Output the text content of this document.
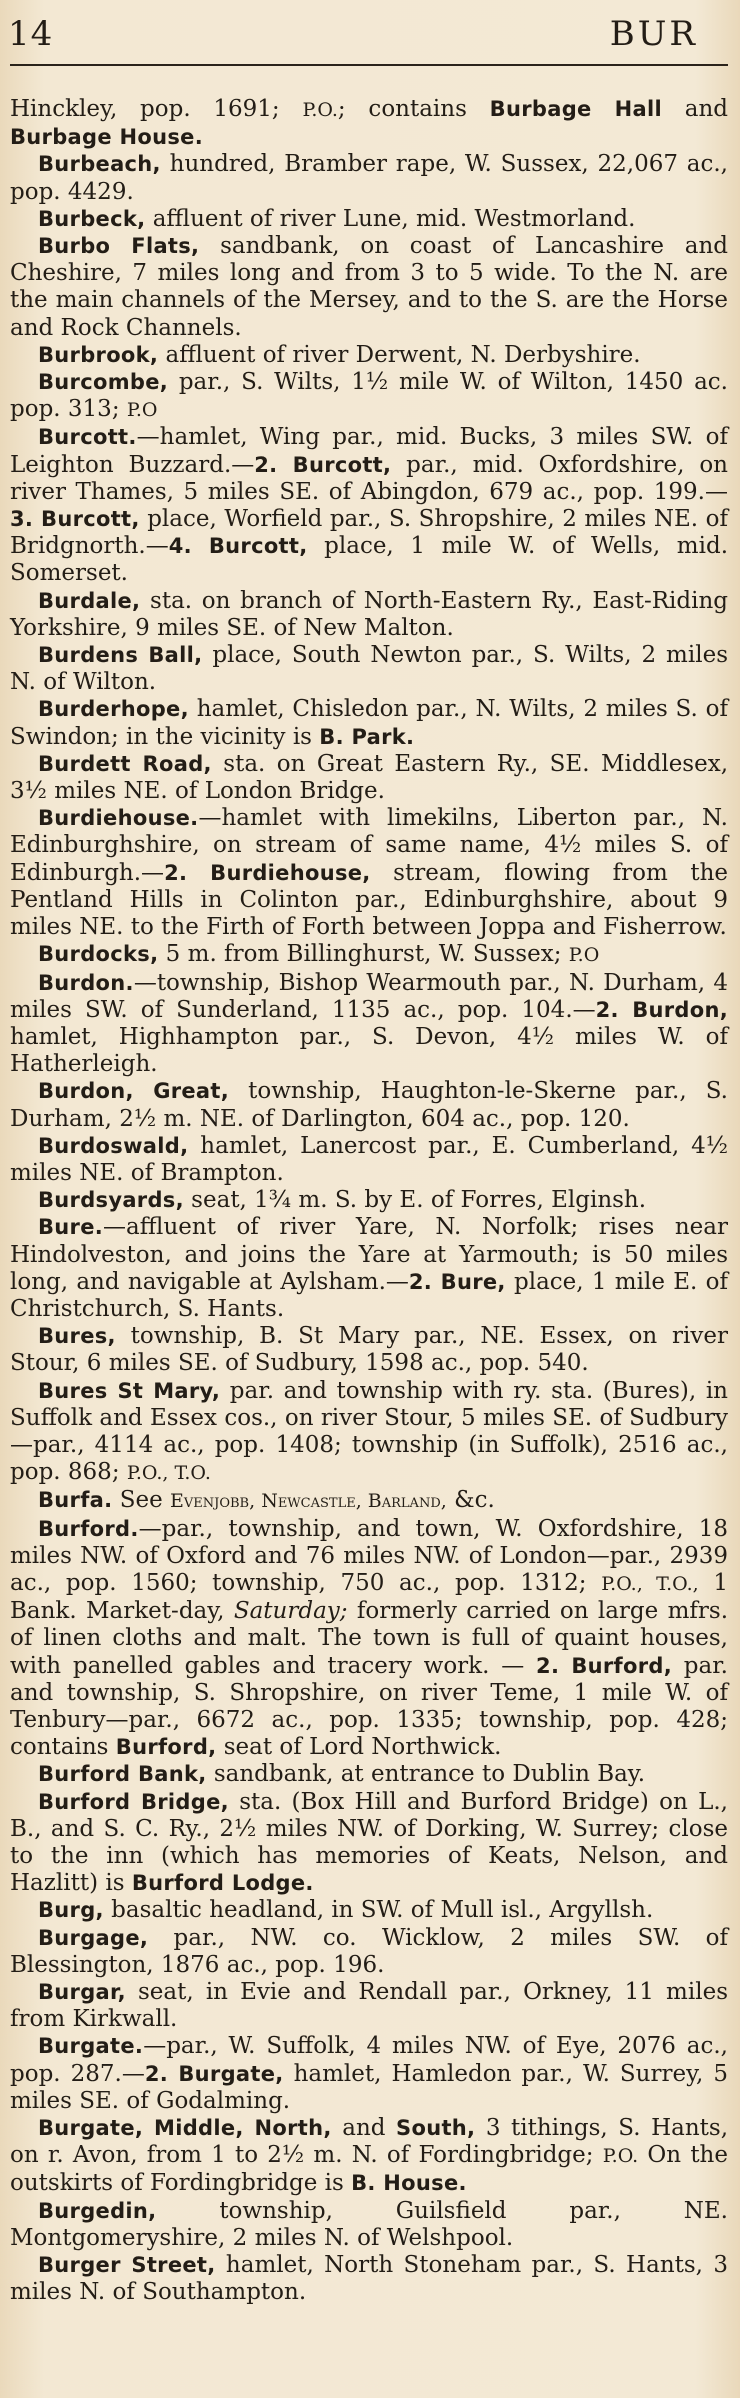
14	BUR

Hinckley, pop. 1691; P.O.; contains Burbage Hall and Burbage House.

Burbeach, hundred, Bramber rape, W. Sussex, 22,067 ac., pop. 4429.

Burbeck, affluent of river Lune, mid. Westmorland.

Burbo Flats, sandbank, on coast of Lancashire and Cheshire, 7 miles long and from 3 to 5 wide. To the N. are the main channels of the Mersey, and to the S. are the Horse and Rock Channels.

Burbrook, affluent of river Derwent, N. Derbyshire.

Burcombe, par., S. Wilts, 1½ mile W. of Wilton, 1450 ac. pop. 313; P.O

Burcott.—hamlet, Wing par., mid. Bucks, 3 miles SW. of Leighton Buzzard.—2. Burcott, par., mid. Oxfordshire, on river Thames, 5 miles SE. of Abingdon, 679 ac., pop. 199.—3. Burcott, place, Worfield par., S. Shropshire, 2 miles NE. of Bridgnorth.—4. Burcott, place, 1 mile W. of Wells, mid. Somerset.

Burdale, sta. on branch of North-Eastern Ry., East-Riding Yorkshire, 9 miles SE. of New Malton.

Burdens Ball, place, South Newton par., S. Wilts, 2 miles N. of Wilton.

Burderhope, hamlet, Chisledon par., N. Wilts, 2 miles S. of Swindon; in the vicinity is B. Park.

Burdett Road, sta. on Great Eastern Ry., SE. Middlesex, 3½ miles NE. of London Bridge.

Burdiehouse.—hamlet with limekilns, Liberton par., N. Edinburghshire, on stream of same name, 4½ miles S. of Edinburgh.—2. Burdiehouse, stream, flowing from the Pentland Hills in Colinton par., Edinburghshire, about 9 miles NE. to the Firth of Forth between Joppa and Fisherrow.

Burdocks, 5 m. from Billinghurst, W. Sussex; P.O

Burdon.—township, Bishop Wearmouth par., N. Durham, 4 miles SW. of Sunderland, 1135 ac., pop. 104.—2. Burdon, hamlet, Highhampton par., S. Devon, 4½ miles W. of Hatherleigh.

Burdon, Great, township, Haughton-le-Skerne par., S. Durham, 2½ m. NE. of Darlington, 604 ac., pop. 120.

Burdoswald, hamlet, Lanercost par., E. Cumberland, 4½ miles NE. of Brampton.

Burdsyards, seat, 1¾ m. S. by E. of Forres, Elginsh.

Bure.—affluent of river Yare, N. Norfolk; rises near Hindolveston, and joins the Yare at Yarmouth; is 50 miles long, and navigable at Aylsham.—2. Bure, place, 1 mile E. of Christchurch, S. Hants.

Bures, township, B. St Mary par., NE. Essex, on river Stour, 6 miles SE. of Sudbury, 1598 ac., pop. 540.

Bures St Mary, par. and township with ry. sta. (Bures), in Suffolk and Essex cos., on river Stour, 5 miles SE. of Sudbury—par., 4114 ac., pop. 1408; township (in Suffolk), 2516 ac., pop. 868; P.O., T.O.

Burfa. See Evenjobb, Newcastle, Barland, &c.

Burford.—par., township, and town, W. Oxfordshire, 18 miles NW. of Oxford and 76 miles NW. of London—par., 2939 ac., pop. 1560; township, 750 ac., pop. 1312; P.O., T.O., 1 Bank. Market-day, Saturday; formerly carried on large mfrs. of linen cloths and malt. The town is full of quaint houses, with panelled gables and tracery work. — 2. Burford, par. and township, S. Shropshire, on river Teme, 1 mile W. of Tenbury—par., 6672 ac., pop. 1335; township, pop. 428; contains Burford, seat of Lord Northwick.

Burford Bank, sandbank, at entrance to Dublin Bay.

Burford Bridge, sta. (Box Hill and Burford Bridge) on L., B., and S. C. Ry., 2½ miles NW. of Dorking, W. Surrey; close to the inn (which has memories of Keats, Nelson, and Hazlitt) is Burford Lodge.

Burg, basaltic headland, in SW. of Mull isl., Argyllsh.

Burgage, par., NW. co. Wicklow, 2 miles SW. of Blessington, 1876 ac., pop. 196.

Burgar, seat, in Evie and Rendall par., Orkney, 11 miles from Kirkwall.

Burgate.—par., W. Suffolk, 4 miles NW. of Eye, 2076 ac., pop. 287.—2. Burgate, hamlet, Hamledon par., W. Surrey, 5 miles SE. of Godalming.

Burgate, Middle, North, and South, 3 tithings, S. Hants, on r. Avon, from 1 to 2½ m. N. of Fordingbridge; P.O. On the outskirts of Fordingbridge is B. House.

Burgedin, township, Guilsfield par., NE. Montgomeryshire, 2 miles N. of Welshpool.

Burger Street, hamlet, North Stoneham par., S. Hants, 3 miles N. of Southampton.
